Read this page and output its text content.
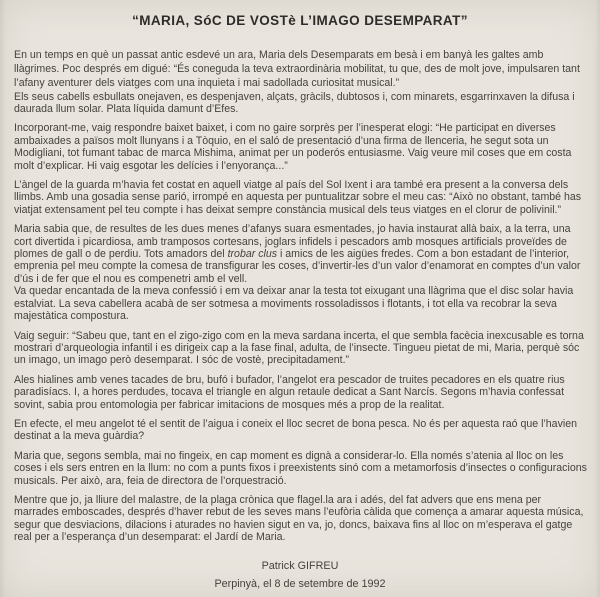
“MARIA, SóC DE VOSTè L’IMAGO DESEMPARAT”

En un temps en què un passat antic esdevé un ara, Maria dels Desemparats em besà i em banyà les galtes amb llàgrimes. Poc després em digué: “És coneguda la teva extraordinària mobilitat, tu que, des de molt jove, impulsaren tant l’afany aventurer dels viatges com una inquieta i mai sadollada curiositat musical.”

Els seus cabells esbullats onejaven, es despenjaven, alçats, gràcils, dubtosos i, com minarets, esgarrinxaven la difusa i daurada llum solar. Plata líquida damunt d’Efes.

Incorporant-me, vaig respondre baixet baixet, i com no gaire sorprès per l’inesperat elogi: “He participat en diverses ambaixades a països molt llunyans i a Tòquio, en el saló de presentació d’una firma de llenceria, he segut sota un Modigliani, tot fumant tabac de marca Mishima, animat per un poderós entusiasme. Vaig veure mil coses que em costa molt d’explicar. Hi vaig esgotar les delícies i l’enyorança...”

L’àngel de la guarda m’havia fet costat en aquell viatge al país del Sol Ixent i ara també era present a la conversa dels llimbs. Amb una gosadia sense parió, irrompé en aquesta per puntualitzar sobre el meu cas: “Això no obstant, també has viatjat extensament pel teu compte i has deixat sempre constància musical dels teus viatges en el clorur de polivinil.”

Maria sabia que, de resultes de les dues menes d’afanys suara esmentades, jo havia instaurat allà baix, a la terra, una cort divertida i picardiosa, amb tramposos cortesans, joglars infidels i pescadors amb mosques artificials proveïdes de plomes de gall o de perdiu. Tots amadors del trobar clus i amics de les aigües fredes. Com a bon estadant de l’interior, emprenia pel meu compte la comesa de transfigurar les coses, d’invertir-les d’un valor d’enamorat en comptes d’un valor d’ús i de fer que el nou es compenetri amb el vell.

Va quedar encantada de la meva confessió i em va deixar anar la testa tot eixugant una llàgrima que el disc solar havia estalviat. La seva cabellera acabà de ser sotmesa a moviments rossoladissos i flotants, i tot ella va recobrar la seva majestàtica compostura.

Vaig seguir: “Sabeu que, tant en el zigo-zigo com en la meva sardana incerta, el que sembla facècia inexcusable es torna mostrari d’arqueologia infantil i es dirigeix cap a la fase final, adulta, de l’insecte. Tingueu pietat de mi, Maria, perquè sóc un imago, un imago però desemparat. I sóc de vostè, precipitadament.”

Ales hialines amb venes tacades de bru, bufó i bufador, l’angelot era pescador de truites pecadores en els quatre rius paradisíacs. I, a hores perdudes, tocava el triangle en algun retaule dedicat a Sant Narcís. Segons m’havia confessat sovint, sabia prou entomologia per fabricar imitacions de mosques més a prop de la realitat.

En efecte, el meu angelot té el sentit de l’aigua i coneix el lloc secret de bona pesca. No és per aquesta raó que l’havien destinat a la meva guàrdia?

Maria que, segons sembla, mai no fingeix, en cap moment es dignà a considerar-lo. Ella només s’atenia al lloc on les coses i els sers entren en la llum: no com a punts fixos i preexistents sinó com a metamorfosis d’insectes o configuracions musicals. Per això, ara, feia de directora de l’orquestració.

Mentre que jo, ja lliure del malastre, de la plaga crònica que flagel.la ara i adés, del fat advers que ens mena per marrades emboscades, després d’haver rebut de les seves mans l’eufòria càlida que comença a amarar aquesta música, segur que desviacions, dilacions i aturades no havien sigut en va, jo, doncs, baixava fins al lloc on m’esperava el gatge real per a l’esperança d’un desemparat: el Jardí de Maria.

Patrick GIFREU
Perpinyà, el 8 de setembre de 1992
